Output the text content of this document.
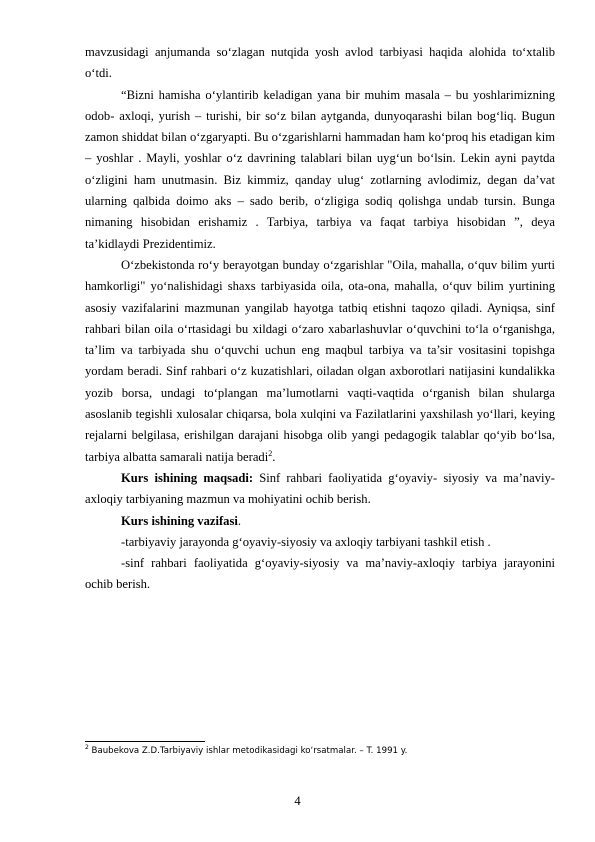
mavzusidagi anjumanda so‘zlagan nutqida yosh avlod tarbiyasi haqida alohida to‘xtalib o‘tdi.

“Bizni hamisha o‘ylantirib keladigan yana bir muhim masala – bu yoshlarimizning odob- axloqi, yurish – turishi, bir so‘z bilan aytganda, dunyoqarashi bilan bog‘liq. Bugun zamon shiddat bilan o‘zgaryapti. Bu o‘zgarishlarni hammadan ham ko‘proq his etadigan kim – yoshlar . Mayli, yoshlar o‘z davrining talablari bilan uyg‘un bo‘lsin. Lekin ayni paytda o‘zligini ham unutmasin. Biz kimmiz, qanday ulug‘ zotlarning avlodimiz, degan da’vat ularning qalbida doimo aks – sado berib, o‘zligiga sodiq qolishga undab tursin. Bunga nimaning hisobidan erishamiz . Tarbiya, tarbiya va faqat tarbiya hisobidan ”, deya ta’kidlaydi Prezidentimiz.

O‘zbekistonda ro‘y berayotgan bunday o‘zgarishlar "Oila, mahalla, o‘quv bilim yurti hamkorligi" yo‘nalishidagi shaxs tarbiyasida oila, ota-ona, mahalla, o‘quv bilim yurtining asosiy vazifalarini mazmunan yangilab hayotga tatbiq etishni taqozo qiladi. Ayniqsa, sinf rahbari bilan oila o‘rtasidagi bu xildagi o‘zaro xabarlashuvlar o‘quvchini to‘la o‘rganishga, ta’lim va tarbiyada shu o‘quvchi uchun eng maqbul tarbiya va ta’sir vositasini topishga yordam beradi. Sinf rahbari o‘z kuzatishlari, oiladan olgan axborotlari natijasini kundalikka yozib borsa, undagi to‘plangan ma’lumotlarni vaqti-vaqtida o‘rganish bilan shularga asoslanib tegishli xulosalar chiqarsa, bola xulqini va Fazilatlarini yaxshilash yo‘llari, keying rejalarni belgilasa, erishilgan darajani hisobga olib yangi pedagogik talablar qo‘yib bo‘lsa, tarbiya albatta samarali natija beradi$^2$.

Kurs ishining maqsadi: Sinf rahbari faoliyatida g‘oyaviy- siyosiy va ma’naviy- axloqiy tarbiyaning mazmun va mohiyatini ochib berish.

Kurs ishining vazifasi.

-tarbiyaviy jarayonda g‘oyaviy-siyosiy va axloqiy tarbiyani tashkil etish .

-sinf rahbari faoliyatida g‘oyaviy-siyosiy va ma’naviy-axloqiy tarbiya jarayonini ochib berish.

$^2$ Baubekova Z.D.Tarbiyaviy ishlar metodikasidagi ko‘rsatmalar. – T. 1991 y.
4
